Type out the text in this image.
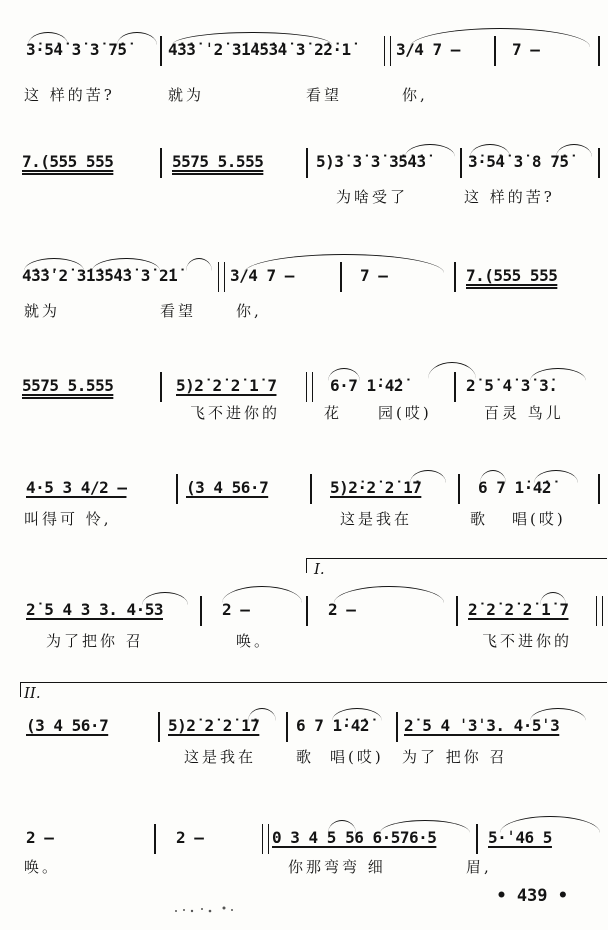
3̇·5̇4̇ 3̇ 3̇ 7̇5̇	4̇3̇3̇ ˈ2̇ 3̇1̇4̇5̇3̇4̇ 3̇ 2̇2̇·1̇	3/4 7 –	7 –
这 样的苦?	就为	看望	你,
7.(555 555	5575 5.555	5)3̇ 3̇ 3̇ 3̇5̇4̇3̇	3̇·5̇4̇ 3̇ 8 7̇5̇
为啥受了	这 样的苦?
4̇3̇3̇ˈ2̇ 3̇1̇3̇5̇4̇3̇ 3̇ 2̇1̇	3/4 7 –	7 –	7.(555 555
就为	看望	你,
5575 5.555	5)2̇ 2̇ 2̇ 1̇ 7	6·7 1̇·4̇2̇	2̇ 5̇ 4̇ 3̇ 3̇.
飞不进你的	花 园(哎)	百灵 鸟儿
4·5 3 4/2 –	(3 4 56·7	5)2̇·2̇ 2̇ 1̇7	6 7 1̇·4̇2̇
叫得可 怜,	这是我在	歌 唱(哎)
I.
2̇ 5 4 3 3. 4·53	2 –	2 –	2̇ 2̇ 2̇ 2̇ 1̇ 7
为了把你 召	唤。	飞不进你的
II.
(3 4 56·7	5)2̇ 2̇ 2̇ 1̇7 6 7 1̇·4̇2̇ 2̇ 5 4 ˈ3ˈ3. 4·5ˈ3
这是我在	歌 唱(哎) 为了 把你 召
2 –	2 –	0 3 4 5 56 6·576·5	5·ˈ46 5
唤。	你那弯弯 细	眉,
• 439 •
